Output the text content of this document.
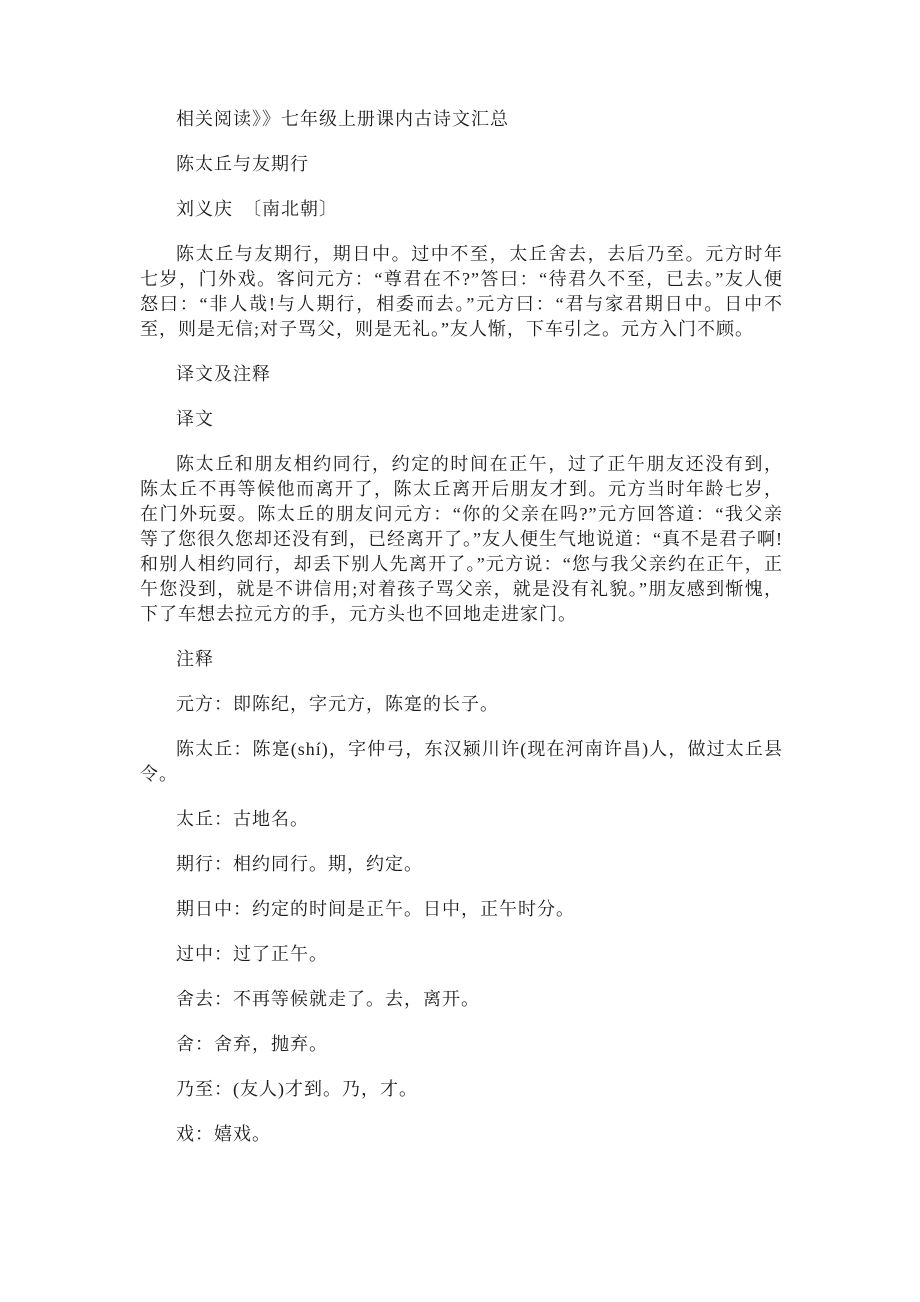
相关阅读》》七年级上册课内古诗文汇总

陈太丘与友期行

刘义庆　〔南北朝〕

陈太丘与友期行，期日中。过中不至，太丘舍去，去后乃至。元方时年七岁，门外戏。客问元方：“尊君在不?”答曰：“待君久不至，已去。”友人便怒曰：“非人哉!与人期行，相委而去。”元方曰：“君与家君期日中。日中不至，则是无信;对子骂父，则是无礼。”友人惭，下车引之。元方入门不顾。

译文及注释

译文

陈太丘和朋友相约同行，约定的时间在正午，过了正午朋友还没有到，陈太丘不再等候他而离开了，陈太丘离开后朋友才到。元方当时年龄七岁，在门外玩耍。陈太丘的朋友问元方：“你的父亲在吗?”元方回答道：“我父亲等了您很久您却还没有到，已经离开了。”友人便生气地说道：“真不是君子啊!和别人相约同行，却丢下别人先离开了。”元方说：“您与我父亲约在正午，正午您没到，就是不讲信用;对着孩子骂父亲，就是没有礼貌。”朋友感到惭愧，下了车想去拉元方的手，元方头也不回地走进家门。

注释

元方：即陈纪，字元方，陈寔的长子。

陈太丘：陈寔(shí)，字仲弓，东汉颍川许(现在河南许昌)人，做过太丘县令。

太丘：古地名。

期行：相约同行。期，约定。

期日中：约定的时间是正午。日中，正午时分。

过中：过了正午。

舍去：不再等候就走了。去，离开。

舍：舍弃，抛弃。

乃至：(友人)才到。乃，才。

戏：嬉戏。
